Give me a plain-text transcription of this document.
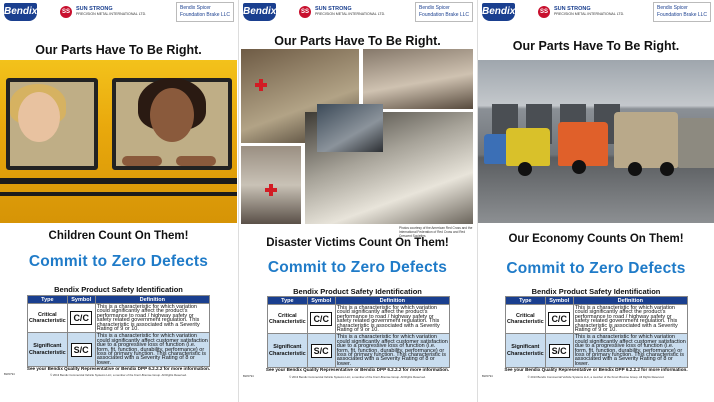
Bendix	SS	SUN STRONG
PRECISION METAL INTERNATIONAL LTD.
Bendix Spicer
Foundation Brake LLC
Our Parts Have To Be Right.
Children Count On Them!
Commit to Zero Defects
Bendix Product Safety Identification
Type	Symbol	Definition
Critical Characteristic	C/C	This is a characteristic for which variation could significantly affect the product's performance to road / highway safety or safety related government regulation. This characteristic is associated with a Severity Rating of 9 or 10.
Significant Characteristic	S/C	This is a characteristic for which variation could significantly affect customer satisfaction due to a progressive loss of function (i.e. form, fit, function, durability, performance) or loss of primary function. This characteristic is associated with a Severity Rating of 8 or lower.
See your Bendix Quality Representative or Bendix DPP 6.2.2.2 for more information.
BW2794	© 2013 Bendix Commercial Vehicle Systems LLC, a member of the Knorr-Bremse Group. All Rights Reserved.
Bendix	SS	SUN STRONG
PRECISION METAL INTERNATIONAL LTD.
Bendix Spicer
Foundation Brake LLC
Our Parts Have To Be Right.
Photos courtesy of the American Red Cross and the International Federation of Red Cross and Red Crescent Societies
Disaster Victims Count On Them!
Commit to Zero Defects
Bendix Product Safety Identification
Type	Symbol	Definition
Critical Characteristic	C/C	This is a characteristic for which variation could significantly affect the product's performance to road / highway safety or safety related government regulation. This characteristic is associated with a Severity Rating of 9 or 10.
Significant Characteristic	S/C	This is a characteristic for which variation could significantly affect customer satisfaction due to a progressive loss of function (i.e. form, fit, function, durability, performance) or loss of primary function. This characteristic is associated with a Severity Rating of 8 or lower.
See your Bendix Quality Representative or Bendix DPP 6.2.2.2 for more information.
BW2794	© 2013 Bendix Commercial Vehicle Systems LLC, a member of the Knorr-Bremse Group. All Rights Reserved.
Bendix	SS	SUN STRONG
PRECISION METAL INTERNATIONAL LTD.
Bendix Spicer
Foundation Brake LLC
Our Parts Have To Be Right.
Our Economy Counts On Them!
Commit to Zero Defects
Bendix Product Safety Identification
Type	Symbol	Definition
Critical Characteristic	C/C	This is a characteristic for which variation could significantly affect the product's performance to road / highway safety or safety related government regulation. This characteristic is associated with a Severity Rating of 9 or 10.
Significant Characteristic	S/C	This is a characteristic for which variation could significantly affect customer satisfaction due to a progressive loss of function (i.e. form, fit, function, durability, performance) or loss of primary function. This characteristic is associated with a Severity Rating of 8 or lower.
See your Bendix Quality Representative or Bendix DPP 6.2.2.2 for more information.
BW2794	© 2013 Bendix Commercial Vehicle Systems LLC, a member of the Knorr-Bremse Group. All Rights Reserved.
